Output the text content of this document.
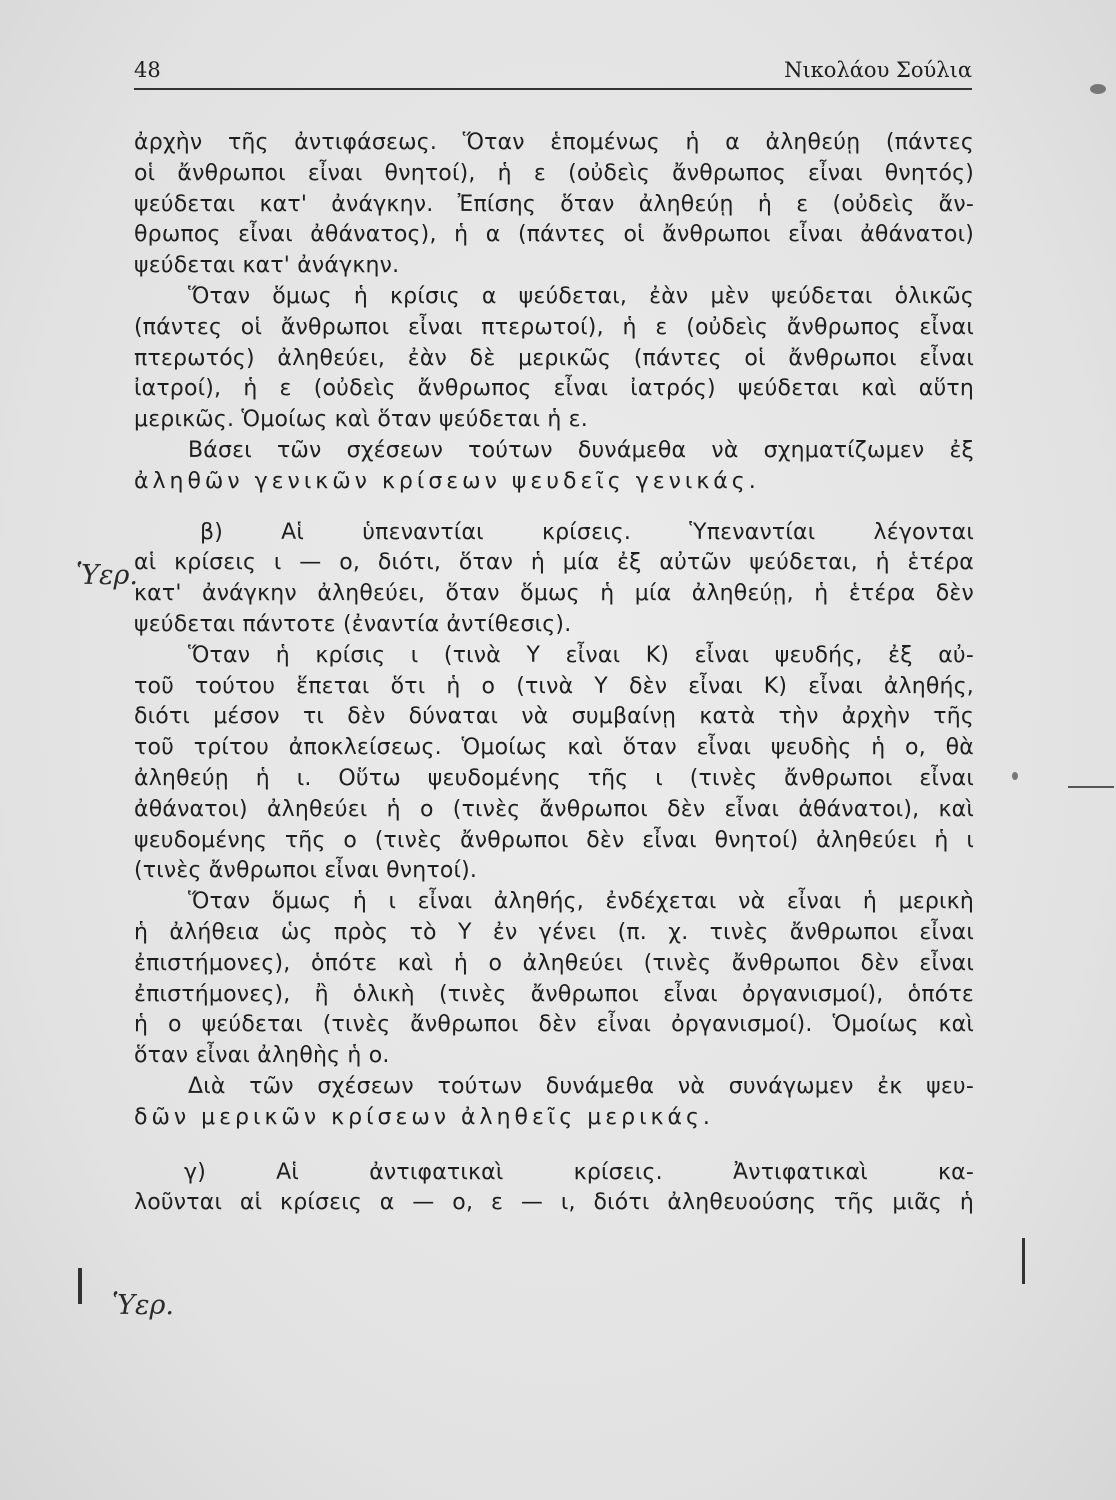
48	Νικολάου Σούλια
ἀρχὴν τῆς ἀντιφάσεως. Ὅταν ἑπομένως ἡ α ἀληθεύῃ (πάντες
οἱ ἄνθρωποι εἶναι θνητοί), ἡ ε (οὐδεὶς ἄνθρωπος εἶναι θνητός)
ψεύδεται κατ' ἀνάγκην. Ἐπίσης ὅταν ἀληθεύῃ ἡ ε (οὐδεὶς ἄν-
θρωπος εἶναι ἀθάνατος), ἡ α (πάντες οἱ ἄνθρωποι εἶναι ἀθάνατοι)
ψεύδεται κατ' ἀνάγκην.
Ὅταν ὅμως ἡ κρίσις α ψεύδεται, ἐὰν μὲν ψεύδεται ὁλικῶς
(πάντες οἱ ἄνθρωποι εἶναι πτερωτοί), ἡ ε (οὐδεὶς ἄνθρωπος εἶναι
πτερωτός) ἀληθεύει, ἐὰν δὲ μερικῶς (πάντες οἱ ἄνθρωποι εἶναι
ἰατροί), ἡ ε (οὐδεὶς ἄνθρωπος εἶναι ἰατρός) ψεύδεται καὶ αὕτη
μερικῶς. Ὁμοίως καὶ ὅταν ψεύδεται ἡ ε.
Βάσει τῶν σχέσεων τούτων δυνάμεθα νὰ σχηματίζωμεν ἐξ
ἀληθῶν γενικῶν κρίσεων ψευδεῖς γενικάς.
β) Αἱ ὑπεναντίαι κρίσεις. Ὑπεναντίαι λέγονται
αἱ κρίσεις ι — ο, διότι, ὅταν ἡ μία ἐξ αὐτῶν ψεύδεται, ἡ ἑτέρα
κατ' ἀνάγκην ἀληθεύει, ὅταν ὅμως ἡ μία ἀληθεύῃ, ἡ ἑτέρα δὲν
ψεύδεται πάντοτε (ἐναντία ἀντίθεσις).
Ὅταν ἡ κρίσις ι (τινὰ Υ εἶναι Κ) εἶναι ψευδής, ἐξ αὐ-
τοῦ τούτου ἕπεται ὅτι ἡ ο (τινὰ Υ δὲν εἶναι Κ) εἶναι ἀληθής,
διότι μέσον τι δὲν δύναται νὰ συμβαίνῃ κατὰ τὴν ἀρχὴν τῆς
τοῦ τρίτου ἀποκλείσεως. Ὁμοίως καὶ ὅταν εἶναι ψευδὴς ἡ ο, θὰ
ἀληθεύῃ ἡ ι. Οὕτω ψευδομένης τῆς ι (τινὲς ἄνθρωποι εἶναι
ἀθάνατοι) ἀληθεύει ἡ ο (τινὲς ἄνθρωποι δὲν εἶναι ἀθάνατοι), καὶ
ψευδομένης τῆς ο (τινὲς ἄνθρωποι δὲν εἶναι θνητοί) ἀληθεύει ἡ ι
(τινὲς ἄνθρωποι εἶναι θνητοί).
Ὅταν ὅμως ἡ ι εἶναι ἀληθής, ἐνδέχεται νὰ εἶναι ἡ μερικὴ
ἡ ἀλήθεια ὡς πρὸς τὸ Υ ἐν γένει (π. χ. τινὲς ἄνθρωποι εἶναι
ἐπιστήμονες), ὁπότε καὶ ἡ ο ἀληθεύει (τινὲς ἄνθρωποι δὲν εἶναι
ἐπιστήμονες), ἢ ὁλικὴ (τινὲς ἄνθρωποι εἶναι ὀργανισμοί), ὁπότε
ἡ ο ψεύδεται (τινὲς ἄνθρωποι δὲν εἶναι ὀργανισμοί). Ὁμοίως καὶ
ὅταν εἶναι ἀληθὴς ἡ ο.
Διὰ τῶν σχέσεων τούτων δυνάμεθα νὰ συνάγωμεν ἐκ ψευ-
δῶν μερικῶν κρίσεων ἀληθεῖς μερικάς.
γ) Αἱ ἀντιφατικαὶ κρίσεις. Ἀντιφατικαὶ κα-
λοῦνται αἱ κρίσεις α — ο, ε — ι, διότι ἀληθευούσης τῆς μιᾶς ἡ
Ὑερ.
Ὑερ.
